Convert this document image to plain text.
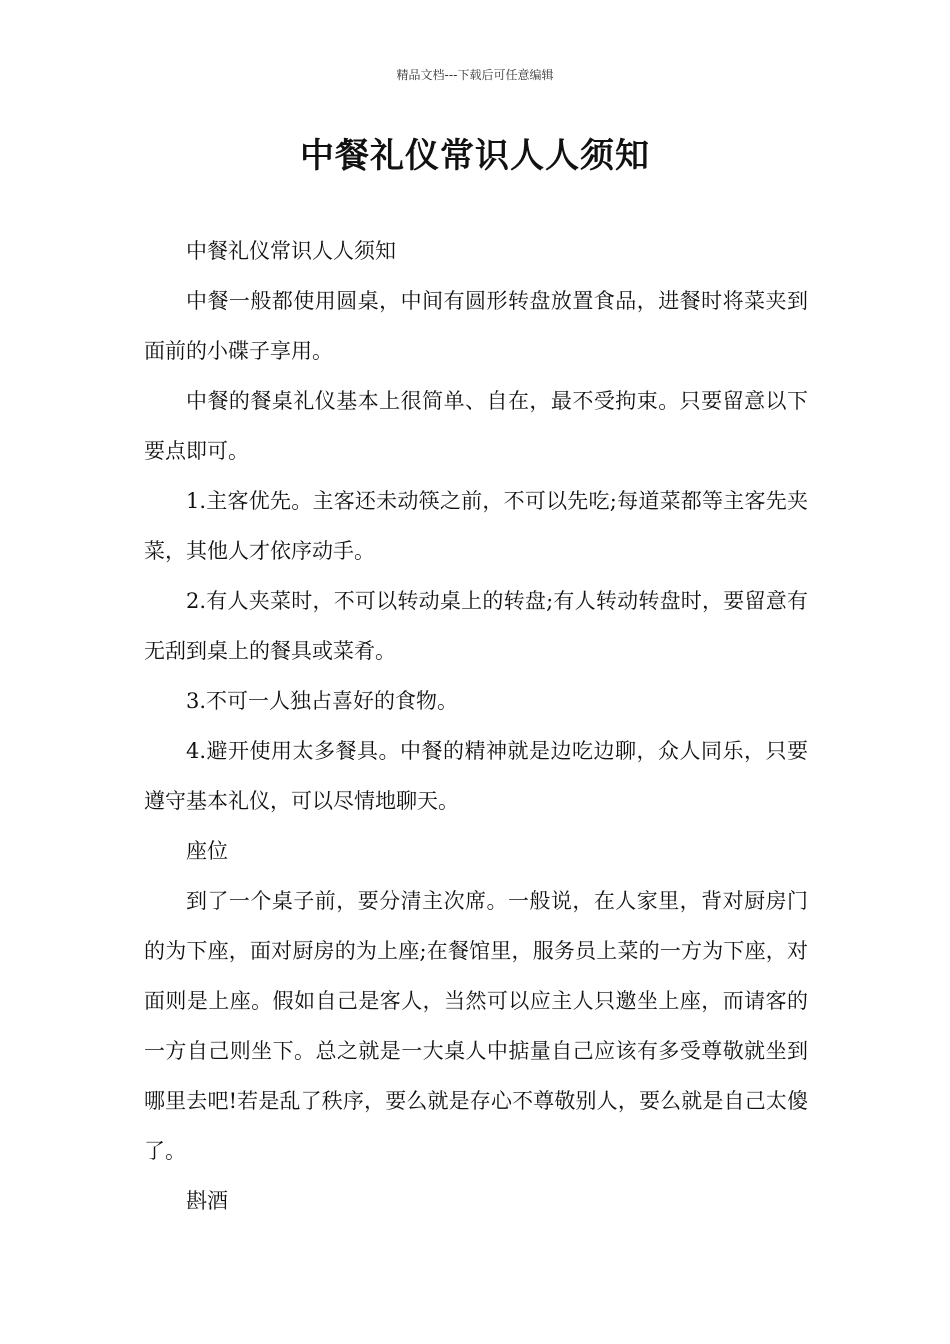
精品文档---下载后可任意编辑
中餐礼仪常识人人须知

中餐礼仪常识人人须知

中餐一般都使用圆桌，中间有圆形转盘放置食品，进餐时将菜夹到面前的小碟子享用。

中餐的餐桌礼仪基本上很简单、自在，最不受拘束。只要留意以下要点即可。

1.主客优先。主客还未动筷之前，不可以先吃;每道菜都等主客先夹菜，其他人才依序动手。

2.有人夹菜时，不可以转动桌上的转盘;有人转动转盘时，要留意有无刮到桌上的餐具或菜肴。

3.不可一人独占喜好的食物。

4.避开使用太多餐具。中餐的精神就是边吃边聊，众人同乐，只要遵守基本礼仪，可以尽情地聊天。

座位

到了一个桌子前，要分清主次席。一般说，在人家里，背对厨房门的为下座，面对厨房的为上座;在餐馆里，服务员上菜的一方为下座，对面则是上座。假如自己是客人，当然可以应主人只邀坐上座，而请客的一方自己则坐下。总之就是一大桌人中掂量自己应该有多受尊敬就坐到哪里去吧!若是乱了秩序，要么就是存心不尊敬别人，要么就是自己太傻了。

斟酒
